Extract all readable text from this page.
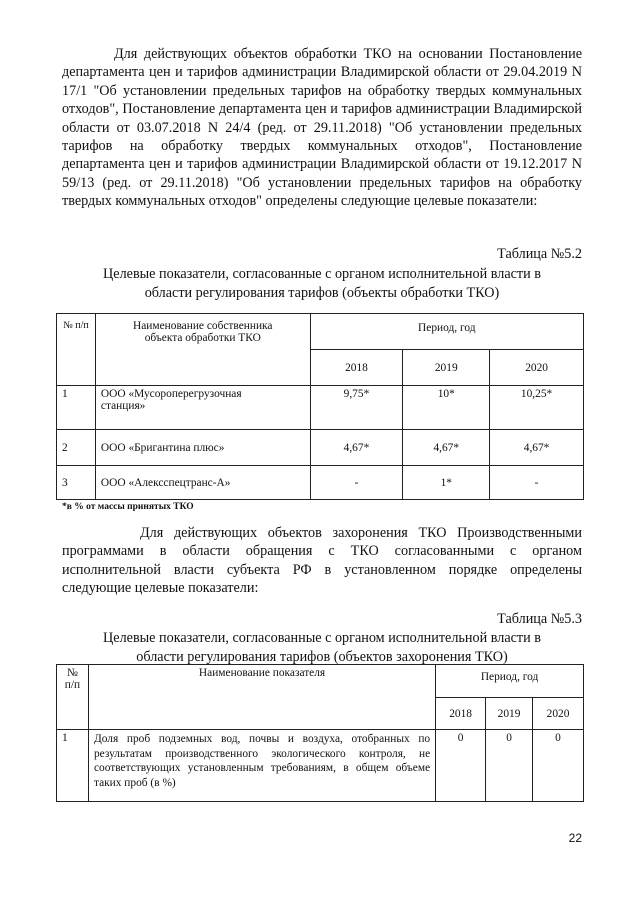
Для действующих объектов обработки ТКО на основании Постановление департамента цен и тарифов администрации Владимирской области от 29.04.2019 N 17/1 "Об установлении предельных тарифов на обработку твердых коммунальных отходов", Постановление департамента цен и тарифов администрации Владимирской области от 03.07.2018 N 24/4 (ред. от 29.11.2018) "Об установлении предельных тарифов на обработку твердых коммунальных отходов", Постановление департамента цен и тарифов администрации Владимирской области от 19.12.2017 N 59/13 (ред. от 29.11.2018) "Об установлении предельных тарифов на обработку твердых коммунальных отходов" определены следующие целевые показатели:

Таблица №5.2

Целевые показатели, согласованные с органом исполнительной власти в
области регулирования тарифов (объекты обработки ТКО)

№ п/п	Наименование собственника
объекта обработки ТКО	Период, год		
		2018	2019	2020
1	ООО «Мусороперегрузочная
станция»	9,75*	10*	10,25*
2	ООО «Бригантина плюс»	4,67*	4,67*	4,67*
3	ООО «Алексспецтранс-А»	-	1*	-
*в % от массы принятых ТКО

Для действующих объектов захоронения ТКО Производственными программами в области обращения с ТКО согласованными с органом исполнительной власти субъекта РФ в установленном порядке определены следующие целевые показатели:

Таблица №5.3

Целевые показатели, согласованные с органом исполнительной власти в
области регулирования тарифов (объектов захоронения ТКО)

№
п/п	Наименование показателя	Период, год		
		2018	2019	2020
1	Доля проб подземных вод, почвы и воздуха, отобранных по результатам производственного экологического контроля, не соответствующих установленным требованиям, в общем объеме таких проб (в %)	0	0	0
22
